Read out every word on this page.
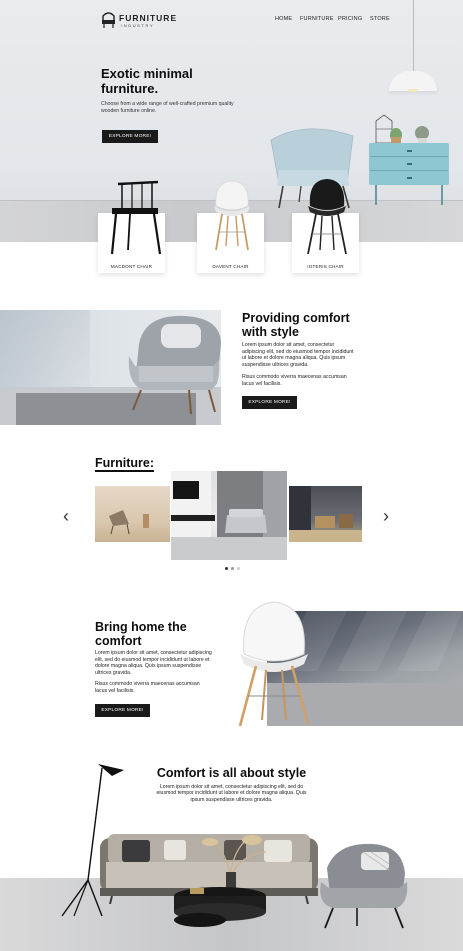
FURNITURE
INDUSTRY
HOME FURNITURE PRICING STORE
Exotic minimal
furniture.
Choose from a wide range of well-crafted premium quality wooden furniture online.
EXPLORE MORE!
MACDONT CHAIR	DAVENT CHAIR	IOTERIS CHAIR
Providing comfort
with style
Lorem ipsum dolor sit amet, consectetur adipiscing elit, sed do eiusmod tempor incididunt ut labore et dolore magna aliqua. Quis ipsum suspendisse ultrices gravida.
Risus commodo viverra maecenas accumsan lacus vel facilisis.
EXPLORE MORE!
Furniture:
‹	›
Bring home the
comfort
Lorem ipsum dolor sit amet, consectetur adipiscing elit, sed do eiusmod tempor incididunt ut labore et dolore magna aliqua. Quis ipsum suspendisse ultrices gravida.
Risus commodo viverra maecenas accumsan lacus vel facilisis.
EXPLORE MORE!
Comfort is all about style
Lorem ipsum dolor sit amet, consectetur adipiscing elit, sed do eiusmod tempor incididunt ut labore et dolore magna aliqua. Quis ipsum suspendisse ultrices gravida.
